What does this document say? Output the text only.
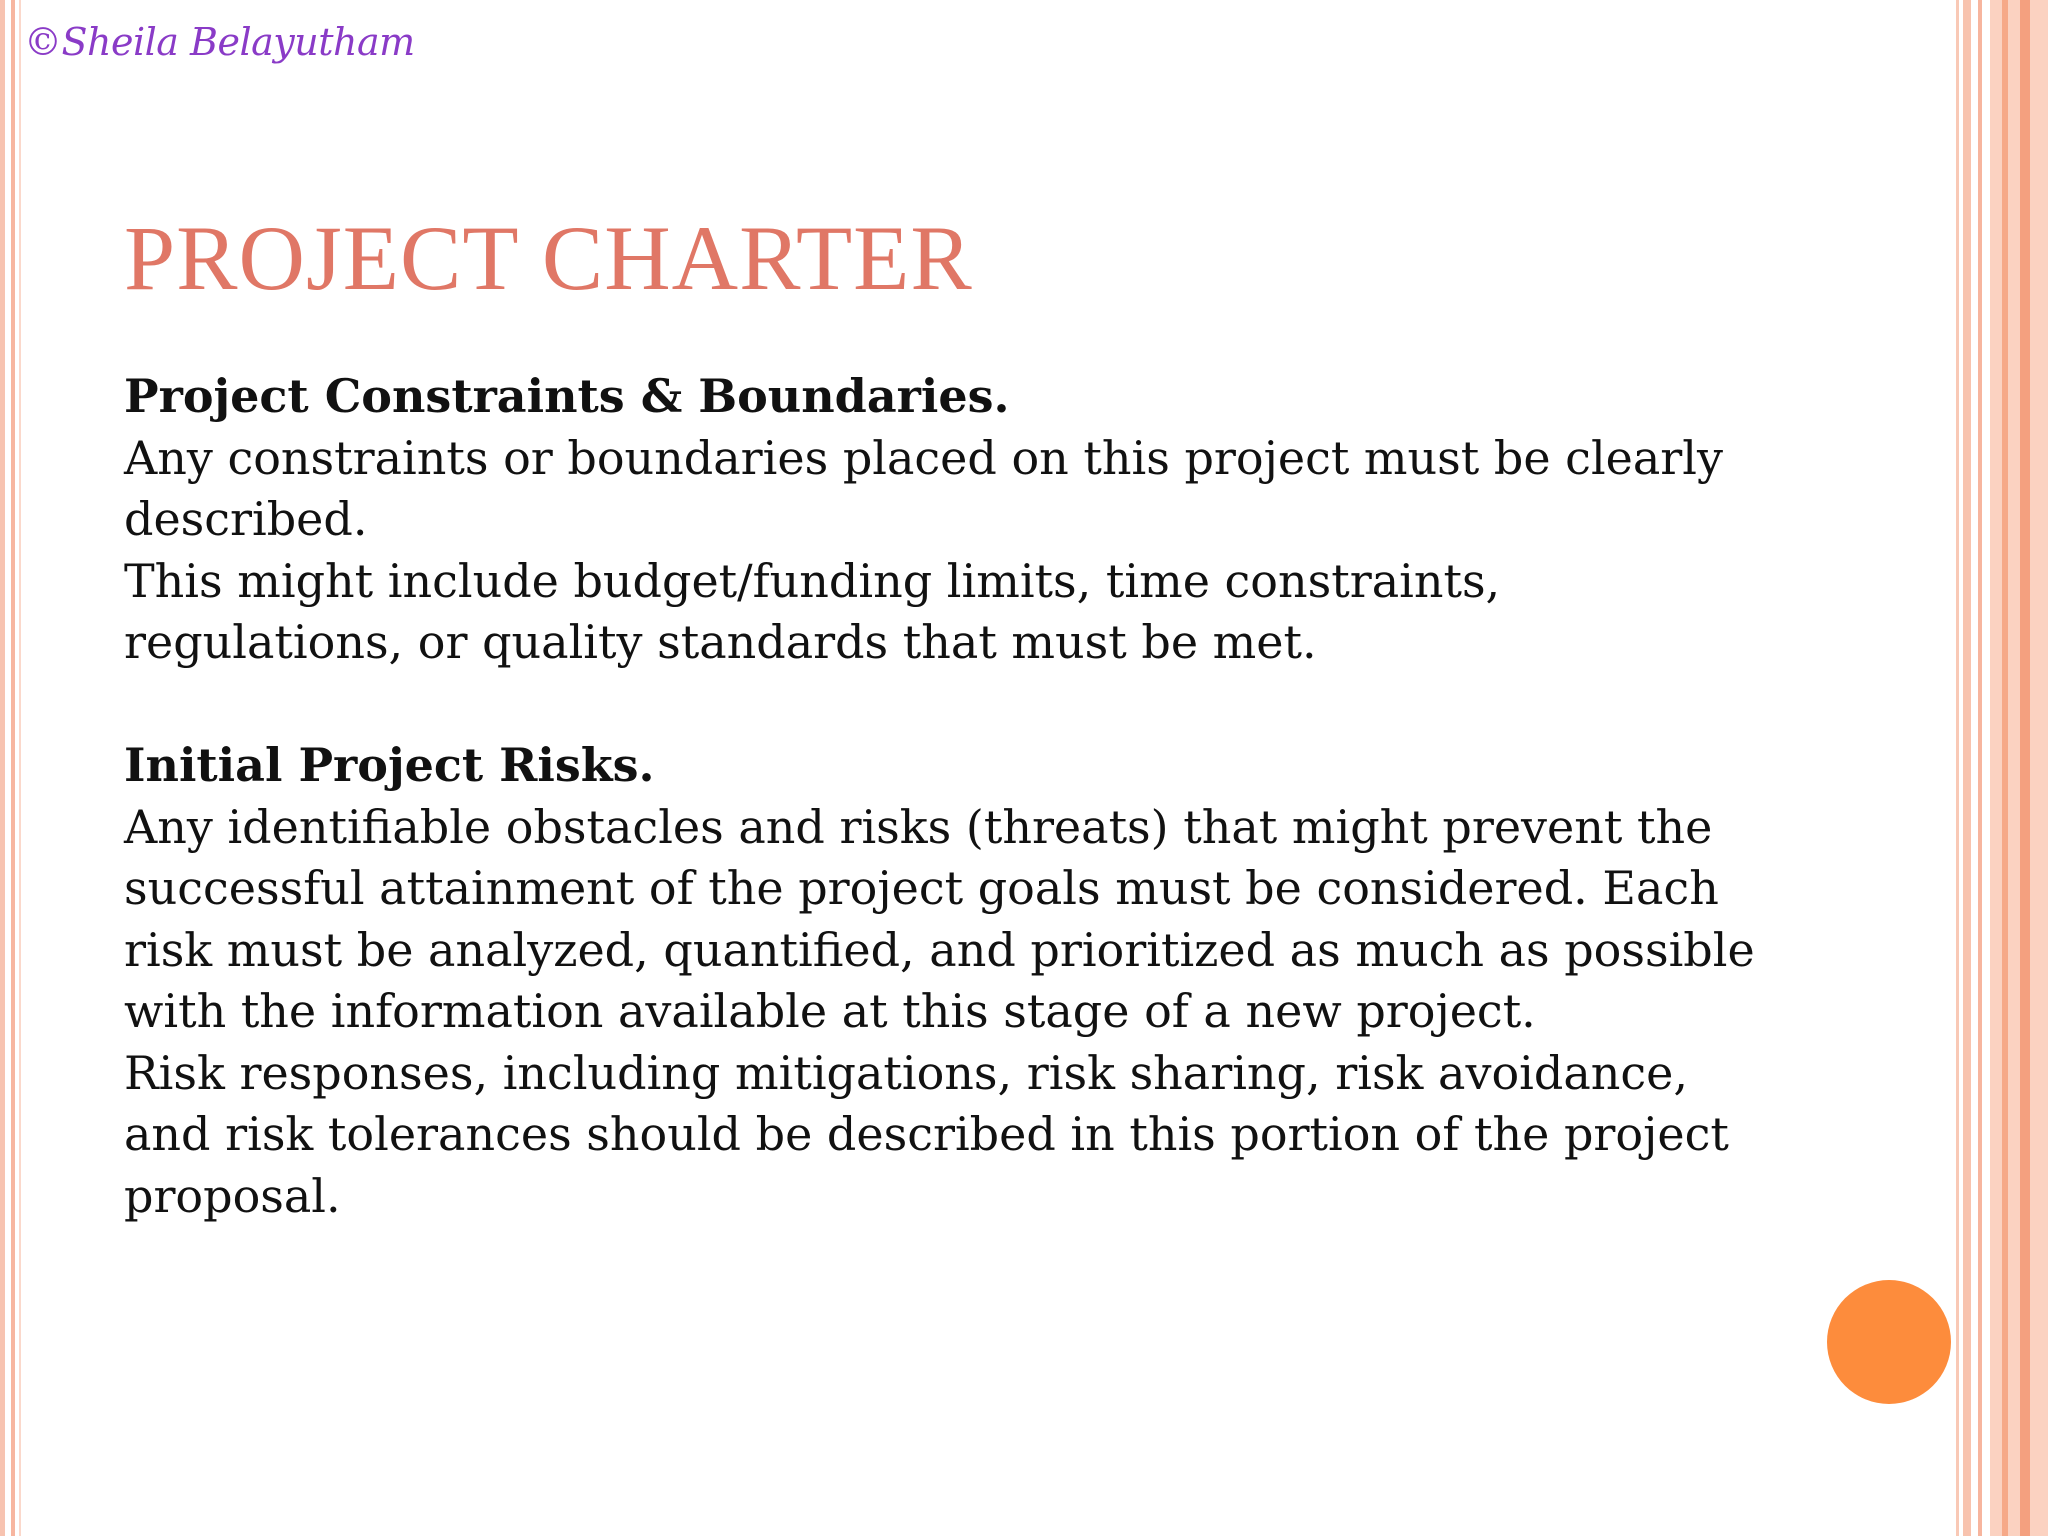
©Sheila Belayutham
PROJECT CHARTER

Project Constraints & Boundaries.

Any constraints or boundaries placed on this project must be clearly described.

This might include budget/funding limits, time constraints, regulations, or quality standards that must be met.

Initial Project Risks.

Any identifiable obstacles and risks (threats) that might prevent the successful attainment of the project goals must be considered. Each risk must be analyzed, quantified, and prioritized as much as possible with the information available at this stage of a new project.

Risk responses, including mitigations, risk sharing, risk avoidance, and risk tolerances should be described in this portion of the project proposal.
